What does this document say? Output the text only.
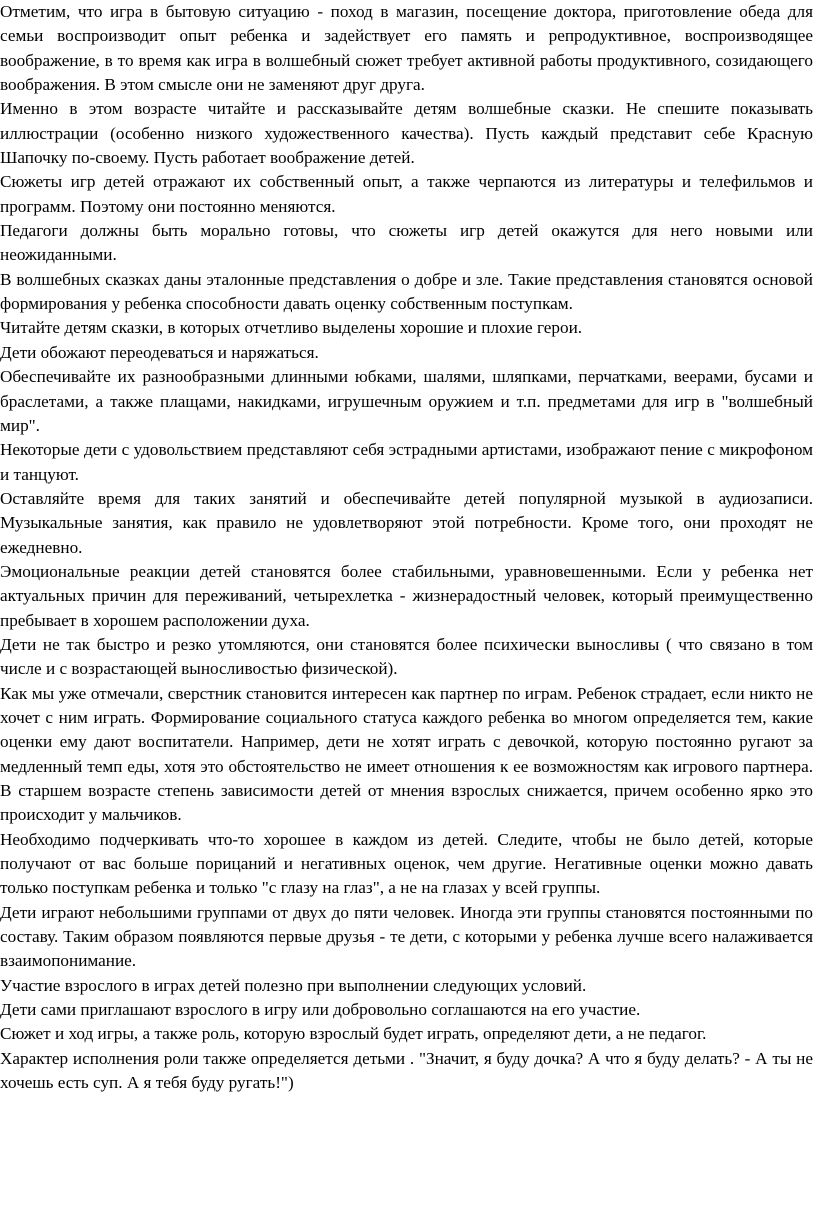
Отметим, что игра в бытовую ситуацию - поход в магазин, посещение доктора, приготовление обеда для семьи воспроизводит опыт ребенка и задействует его память и репродуктивное, воспроизводящее воображение, в то время как игра в волшебный сюжет требует активной работы продуктивного, созидающего воображения. В этом смысле они не заменяют друг друга.

Именно в этом возрасте читайте и рассказывайте детям волшебные сказки. Не спешите показывать иллюстрации (особенно низкого художественного качества). Пусть каждый представит себе Красную Шапочку по-своему. Пусть работает воображение детей.

Сюжеты игр детей отражают их собственный опыт, а также черпаются из литературы и телефильмов и программ. Поэтому они постоянно меняются.

Педагоги должны быть морально готовы, что сюжеты игр детей окажутся для него новыми или неожиданными.

В волшебных сказках даны эталонные представления о добре и зле. Такие представления становятся основой формирования у ребенка способности давать оценку собственным поступкам.

Читайте детям сказки, в которых отчетливо выделены хорошие и плохие герои.

Дети обожают переодеваться и наряжаться.

Обеспечивайте их разнообразными длинными юбками, шалями, шляпками, перчатками, веерами, бусами и браслетами, а также плащами, накидками, игрушечным оружием и т.п. предметами для игр в "волшебный мир".

Некоторые дети с удовольствием представляют себя эстрадными артистами, изображают пение с микрофоном и танцуют.

Оставляйте время для таких занятий и обеспечивайте детей популярной музыкой в аудиозаписи. Музыкальные занятия, как правило не удовлетворяют этой потребности. Кроме того, они проходят не ежедневно.

Эмоциональные реакции детей становятся более стабильными, уравновешенными. Если у ребенка нет актуальных причин для переживаний, четырехлетка - жизнерадостный человек, который преимущественно пребывает в хорошем расположении духа.

Дети не так быстро и резко утомляются, они становятся более психически выносливы ( что связано в том числе и с возрастающей выносливостью физической).

Как мы уже отмечали, сверстник становится интересен как партнер по играм. Ребенок страдает, если никто не хочет с ним играть. Формирование социального статуса каждого ребенка во многом определяется тем, какие оценки ему дают воспитатели. Например, дети не хотят играть с девочкой, которую постоянно ругают за медленный темп еды, хотя это обстоятельство не имеет отношения к ее возможностям как игрового партнера. В старшем возрасте степень зависимости детей от мнения взрослых снижается, причем особенно ярко это происходит у мальчиков.

Необходимо подчеркивать что-то хорошее в каждом из детей. Следите, чтобы не было детей, которые получают от вас больше порицаний и негативных оценок, чем другие. Негативные оценки можно давать только поступкам ребенка и только "с глазу на глаз", а не на глазах у всей группы.

Дети играют небольшими группами от двух до пяти человек. Иногда эти группы становятся постоянными по составу. Таким образом появляются первые друзья - те дети, с которыми у ребенка лучше всего налаживается взаимопонимание.

Участие взрослого в играх детей полезно при выполнении следующих условий.

Дети сами приглашают взрослого в игру или добровольно соглашаются на его участие.

Сюжет и ход игры, а также роль, которую взрослый будет играть, определяют дети, а не педагог.

Характер исполнения роли также определяется детьми . "Значит, я буду дочка? А что я буду делать? - А ты не хочешь есть суп. А я тебя буду ругать!")
